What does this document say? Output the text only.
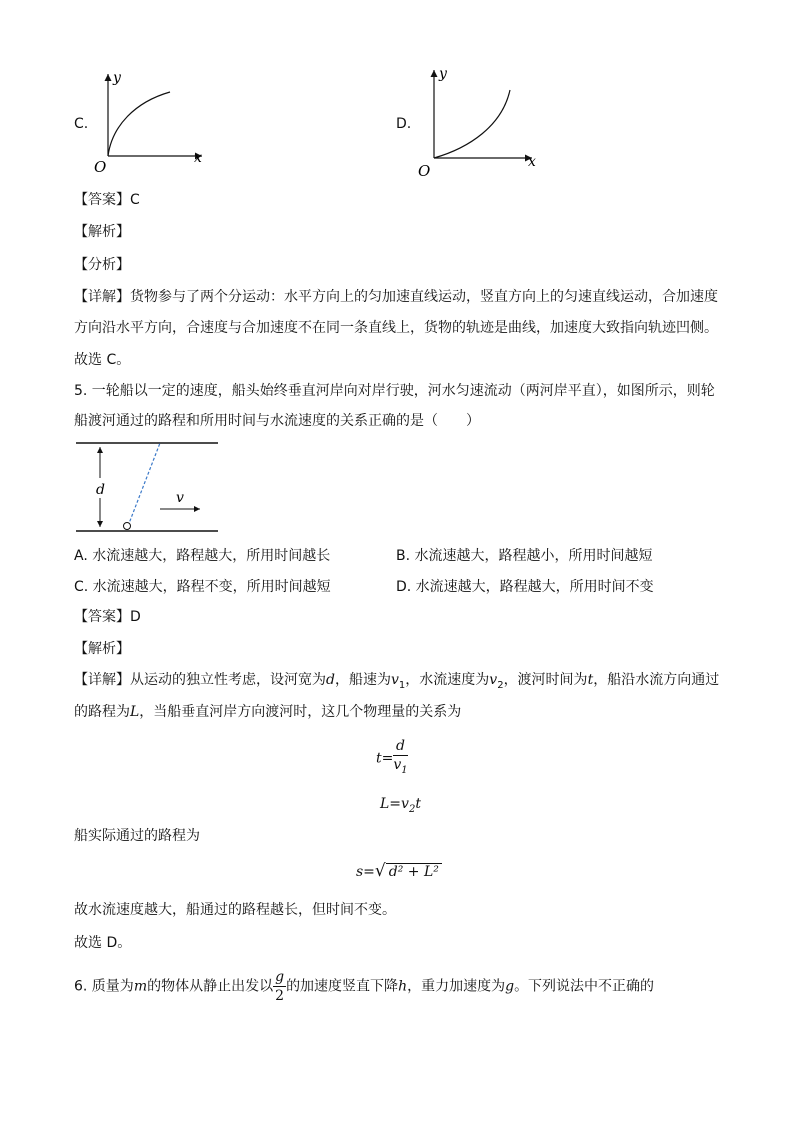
C.
y
x
O
D.
y
x
O
【答案】C
【解析】
【分析】
【详解】货物参与了两个分运动：水平方向上的匀加速直线运动，竖直方向上的匀速直线运动，合加速度
方向沿水平方向，合速度与合加速度不在同一条直线上，货物的轨迹是曲线，加速度大致指向轨迹凹侧。
故选 C。
5. 一轮船以一定的速度，船头始终垂直河岸向对岸行驶，河水匀速流动（两河岸平直），如图所示，则轮
船渡河通过的路程和所用时间与水流速度的关系正确的是（　　）
d	v
A. 水流速越大，路程越大，所用时间越长	B. 水流速越大，路程越小，所用时间越短
C. 水流速越大，路程不变，所用时间越短	D. 水流速越大，路程越大，所用时间不变
【答案】D
【解析】
【详解】从运动的独立性考虑，设河宽为d，船速为$v_1$，水流速度为$v_2$，渡河时间为t，船沿水流方向通过
的路程为L，当船垂直河岸方向渡河时，这几个物理量的关系为
$t= \frac{d}{v_1}$
$L=v_2t$
船实际通过的路程为
s=√ d² + L²
故水流速度越大，船通过的路程越长，但时间不变。
故选 D。
6. 质量为m的物体从静止出发以 $\frac{g}{2}$ 的加速度竖直下降h，重力加速度为g。下列说法中不正确的
